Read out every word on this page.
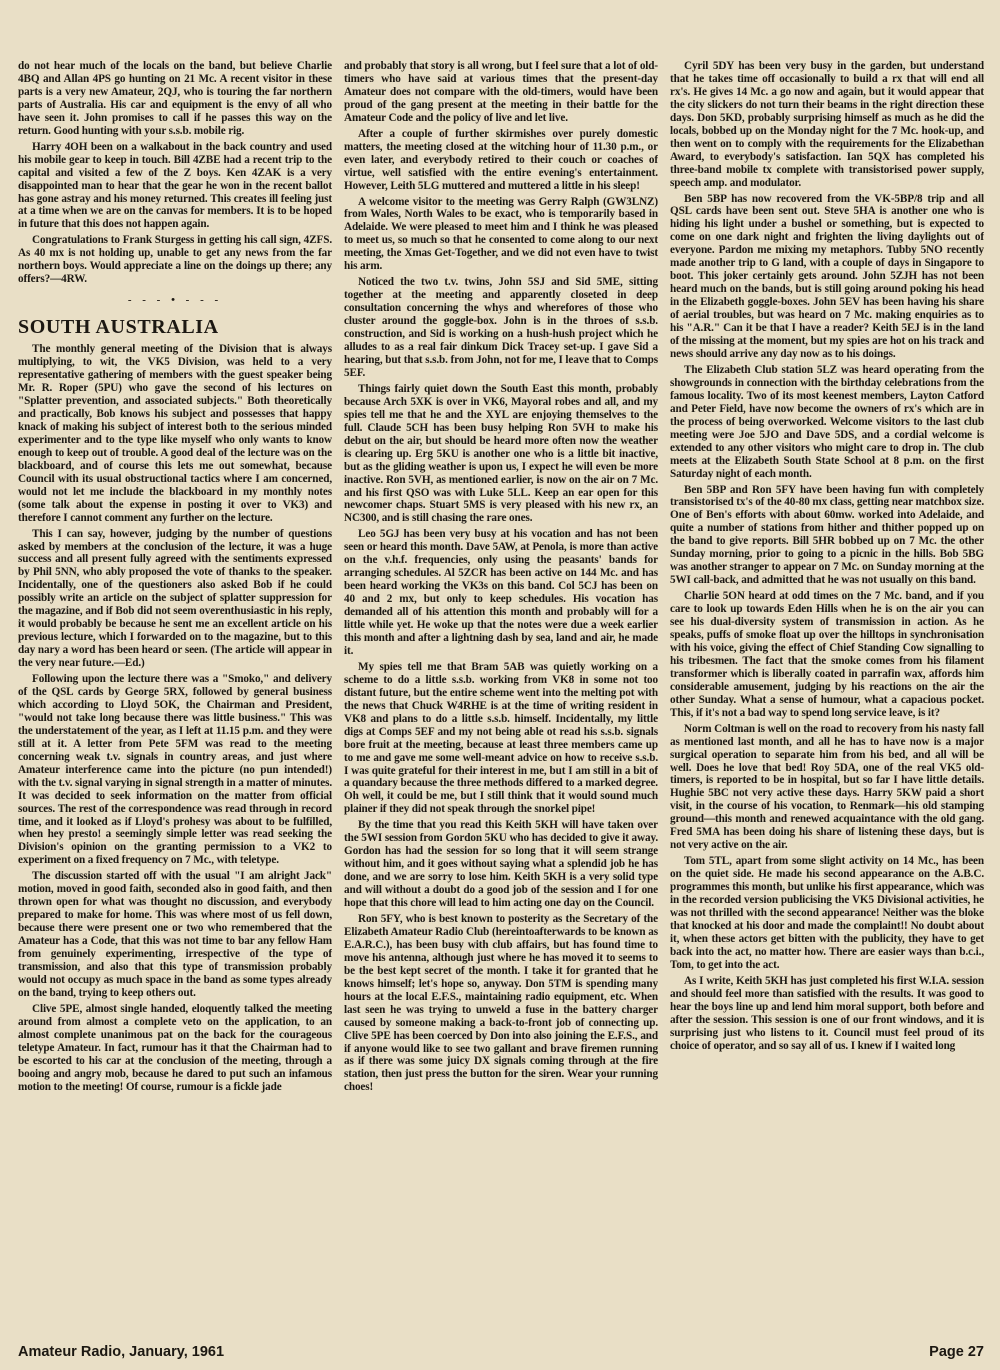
do not hear much of the locals on the band, but believe Charlie 4BQ and Allan 4PS go hunting on 21 Mc. A recent visitor in these parts is a very new Amateur, 2QJ, who is touring the far northern parts of Australia. His car and equipment is the envy of all who have seen it. John promises to call if he passes this way on the return. Good hunting with your s.s.b. mobile rig.

Harry 4OH been on a walkabout in the back country and used his mobile gear to keep in touch. Bill 4ZBE had a recent trip to the capital and visited a few of the Z boys. Ken 4ZAK is a very disappointed man to hear that the gear he won in the recent ballot has gone astray and his money returned. This creates ill feeling just at a time when we are on the canvas for members. It is to be hoped in future that this does not happen again.

Congratulations to Frank Sturgess in getting his call sign, 4ZFS. As 40 mx is not holding up, unable to get any news from the far northern boys. Would appreciate a line on the doings up there; any offers?—4RW.

- - - • - - -
SOUTH AUSTRALIA

The monthly general meeting of the Division that is always multiplying, to wit, the VK5 Division, was held to a very representative gathering of members with the guest speaker being Mr. R. Roper (5PU) who gave the second of his lectures on "Splatter prevention, and associated subjects." Both theoretically and practically, Bob knows his subject and possesses that happy knack of making his subject of interest both to the serious minded experimenter and to the type like myself who only wants to know enough to keep out of trouble. A good deal of the lecture was on the blackboard, and of course this lets me out somewhat, because Council with its usual obstructional tactics where I am concerned, would not let me include the blackboard in my monthly notes (some talk about the expense in posting it over to VK3) and therefore I cannot comment any further on the lecture.

This I can say, however, judging by the number of questions asked by members at the conclusion of the lecture, it was a huge success and all present fully agreed with the sentiments expressed by Phil 5NN, who ably proposed the vote of thanks to the speaker. Incidentally, one of the questioners also asked Bob if he could possibly write an article on the subject of splatter suppression for the magazine, and if Bob did not seem overenthusiastic in his reply, it would probably be because he sent me an excellent article on his previous lecture, which I forwarded on to the magazine, but to this day nary a word has been heard or seen. (The article will appear in the very near future.—Ed.)

Following upon the lecture there was a "Smoko," and delivery of the QSL cards by George 5RX, followed by general business which according to Lloyd 5OK, the Chairman and President, "would not take long because there was little business." This was the understatement of the year, as I left at 11.15 p.m. and they were still at it. A letter from Pete 5FM was read to the meeting concerning weak t.v. signals in country areas, and just where Amateur interference came into the picture (no pun intended!) with the t.v. signal varying in signal strength in a matter of minutes. It was decided to seek information on the matter from official sources. The rest of the correspondence was read through in record time, and it looked as if Lloyd's prohesy was about to be fulfilled, when hey presto! a seemingly simple letter was read seeking the Division's opinion on the granting permission to a VK2 to experiment on a fixed frequency on 7 Mc., with teletype.

The discussion started off with the usual "I am alright Jack" motion, moved in good faith, seconded also in good faith, and then thrown open for what was thought no discussion, and everybody prepared to make for home. This was where most of us fell down, because there were present one or two who remembered that the Amateur has a Code, that this was not time to bar any fellow Ham from genuinely experimenting, irrespective of the type of transmission, and also that this type of transmission probably would not occupy as much space in the band as some types already on the band, trying to keep others out.

Clive 5PE, almost single handed, eloquently talked the meeting around from almost a complete veto on the application, to an almost complete unanimous pat on the back for the courageous teletype Amateur. In fact, rumour has it that the Chairman had to be escorted to his car at the conclusion of the meeting, through a booing and angry mob, because he dared to put such an infamous motion to the meeting! Of course, rumour is a fickle jade

and probably that story is all wrong, but I feel sure that a lot of old-timers who have said at various times that the present-day Amateur does not compare with the old-timers, would have been proud of the gang present at the meeting in their battle for the Amateur Code and the policy of live and let live.

After a couple of further skirmishes over purely domestic matters, the meeting closed at the witching hour of 11.30 p.m., or even later, and everybody retired to their couch or coaches of virtue, well satisfied with the entire evening's entertainment. However, Leith 5LG muttered and muttered a little in his sleep!

A welcome visitor to the meeting was Gerry Ralph (GW3LNZ) from Wales, North Wales to be exact, who is temporarily based in Adelaide. We were pleased to meet him and I think he was pleased to meet us, so much so that he consented to come along to our next meeting, the Xmas Get-Together, and we did not even have to twist his arm.

Noticed the two t.v. twins, John 5SJ and Sid 5ME, sitting together at the meeting and apparently closeted in deep consultation concerning the whys and wherefores of those who cluster around the goggle-box. John is in the throes of s.s.b. construction, and Sid is working on a hush-hush project which he alludes to as a real fair dinkum Dick Tracey set-up. I gave Sid a hearing, but that s.s.b. from John, not for me, I leave that to Comps 5EF.

Things fairly quiet down the South East this month, probably because Arch 5XK is over in VK6, Mayoral robes and all, and my spies tell me that he and the XYL are enjoying themselves to the full. Claude 5CH has been busy helping Ron 5VH to make his debut on the air, but should be heard more often now the weather is clearing up. Erg 5KU is another one who is a little bit inactive, but as the gliding weather is upon us, I expect he will even be more inactive. Ron 5VH, as mentioned earlier, is now on the air on 7 Mc. and his first QSO was with Luke 5LL. Keep an ear open for this newcomer chaps. Stuart 5MS is very pleased with his new rx, an NC300, and is still chasing the rare ones.

Leo 5GJ has been very busy at his vocation and has not been seen or heard this month. Dave 5AW, at Penola, is more than active on the v.h.f. frequencies, only using the peasants' bands for arranging schedules. Al 5ZCR has been active on 144 Mc. and has been heard working the VK3s on this band. Col 5CJ has been on 40 and 2 mx, but only to keep schedules. His vocation has demanded all of his attention this month and probably will for a little while yet. He woke up that the notes were due a week earlier this month and after a lightning dash by sea, land and air, he made it.

My spies tell me that Bram 5AB was quietly working on a scheme to do a little s.s.b. working from VK8 in some not too distant future, but the entire scheme went into the melting pot with the news that Chuck W4RHE is at the time of writing resident in VK8 and plans to do a little s.s.b. himself. Incidentally, my little digs at Comps 5EF and my not being able ot read his s.s.b. signals bore fruit at the meeting, because at least three members came up to me and gave me some well-meant advice on how to receive s.s.b. I was quite grateful for their interest in me, but I am still in a bit of a quandary because the three methods differed to a marked degree. Oh well, it could be me, but I still think that it would sound much plainer if they did not speak through the snorkel pipe!

By the time that you read this Keith 5KH will have taken over the 5WI session from Gordon 5KU who has decided to give it away. Gordon has had the session for so long that it will seem strange without him, and it goes without saying what a splendid job he has done, and we are sorry to lose him. Keith 5KH is a very solid type and will without a doubt do a good job of the session and I for one hope that this chore will lead to him acting one day on the Council.

Ron 5FY, who is best known to posterity as the Secretary of the Elizabeth Amateur Radio Club (hereintoafterwards to be known as E.A.R.C.), has been busy with club affairs, but has found time to move his antenna, although just where he has moved it to seems to be the best kept secret of the month. I take it for granted that he knows himself; let's hope so, anyway. Don 5TM is spending many hours at the local E.F.S., maintaining radio equipment, etc. When last seen he was trying to unweld a fuse in the battery charger caused by someone making a back-to-front job of connecting up. Clive 5PE has been coerced by Don into also joining the E.F.S., and if anyone would like to see two gallant and brave firemen running as if there was some juicy DX signals coming through at the fire station, then just press the button for the siren. Wear your running choes!

Cyril 5DY has been very busy in the garden, but understand that he takes time off occasionally to build a rx that will end all rx's. He gives 14 Mc. a go now and again, but it would appear that the city slickers do not turn their beams in the right direction these days. Don 5KD, probably surprising himself as much as he did the locals, bobbed up on the Monday night for the 7 Mc. hook-up, and then went on to comply with the requirements for the Elizabethan Award, to everybody's satisfaction. Ian 5QX has completed his three-band mobile tx complete with transistorised power supply, speech amp. and modulator.

Ben 5BP has now recovered from the VK-5BP/8 trip and all QSL cards have been sent out. Steve 5HA is another one who is hiding his light under a bushel or something, but is expected to come on one dark night and frighten the living daylights out of everyone. Pardon me mixing my metaphors. Tubby 5NO recently made another trip to G land, with a couple of days in Singapore to boot. This joker certainly gets around. John 5ZJH has not been heard much on the bands, but is still going around poking his head in the Elizabeth goggle-boxes. John 5EV has been having his share of aerial troubles, but was heard on 7 Mc. making enquiries as to his "A.R." Can it be that I have a reader? Keith 5EJ is in the land of the missing at the moment, but my spies are hot on his track and news should arrive any day now as to his doings.

The Elizabeth Club station 5LZ was heard operating from the showgrounds in connection with the birthday celebrations from the famous locality. Two of its most keenest members, Layton Catford and Peter Field, have now become the owners of rx's which are in the process of being overworked. Welcome visitors to the last club meeting were Joe 5JO and Dave 5DS, and a cordial welcome is extended to any other visitors who might care to drop in. The club meets at the Elizabeth South State School at 8 p.m. on the first Saturday night of each month.

Ben 5BP and Ron 5FY have been having fun with completely transistorised tx's of the 40-80 mx class, getting near matchbox size. One of Ben's efforts with about 60mw. worked into Adelaide, and quite a number of stations from hither and thither popped up on the band to give reports. Bill 5HR bobbed up on 7 Mc. the other Sunday morning, prior to going to a picnic in the hills. Bob 5BG was another stranger to appear on 7 Mc. on Sunday morning at the 5WI call-back, and admitted that he was not usually on this band.

Charlie 5ON heard at odd times on the 7 Mc. band, and if you care to look up towards Eden Hills when he is on the air you can see his dual-diversity system of transmission in action. As he speaks, puffs of smoke float up over the hilltops in synchronisation with his voice, giving the effect of Chief Standing Cow signalling to his tribesmen. The fact that the smoke comes from his filament transformer which is liberally coated in parrafin wax, affords him considerable amusement, judging by his reactions on the air the other Sunday. What a sense of humour, what a capacious pocket. This, if it's not a bad way to spend long service leave, is it?

Norm Coltman is well on the road to recovery from his nasty fall as mentioned last month, and all he has to have now is a major surgical operation to separate him from his bed, and all will be well. Does he love that bed! Roy 5DA, one of the real VK5 old-timers, is reported to be in hospital, but so far I have little details. Hughie 5BC not very active these days. Harry 5KW paid a short visit, in the course of his vocation, to Renmark—his old stamping ground—this month and renewed acquaintance with the old gang. Fred 5MA has been doing his share of listening these days, but is not very active on the air.

Tom 5TL, apart from some slight activity on 14 Mc., has been on the quiet side. He made his second appearance on the A.B.C. programmes this month, but unlike his first appearance, which was in the recorded version publicising the VK5 Divisional activities, he was not thrilled with the second appearance! Neither was the bloke that knocked at his door and made the complaint!! No doubt about it, when these actors get bitten with the publicity, they have to get back into the act, no matter how. There are easier ways than b.c.i., Tom, to get into the act.

As I write, Keith 5KH has just completed his first W.I.A. session and should feel more than satisfied with the results. It was good to hear the boys line up and lend him moral support, both before and after the session. This session is one of our front windows, and it is surprising just who listens to it. Council must feel proud of its choice of operator, and so say all of us. I knew if I waited long

Amateur Radio, January, 1961	Page 27
